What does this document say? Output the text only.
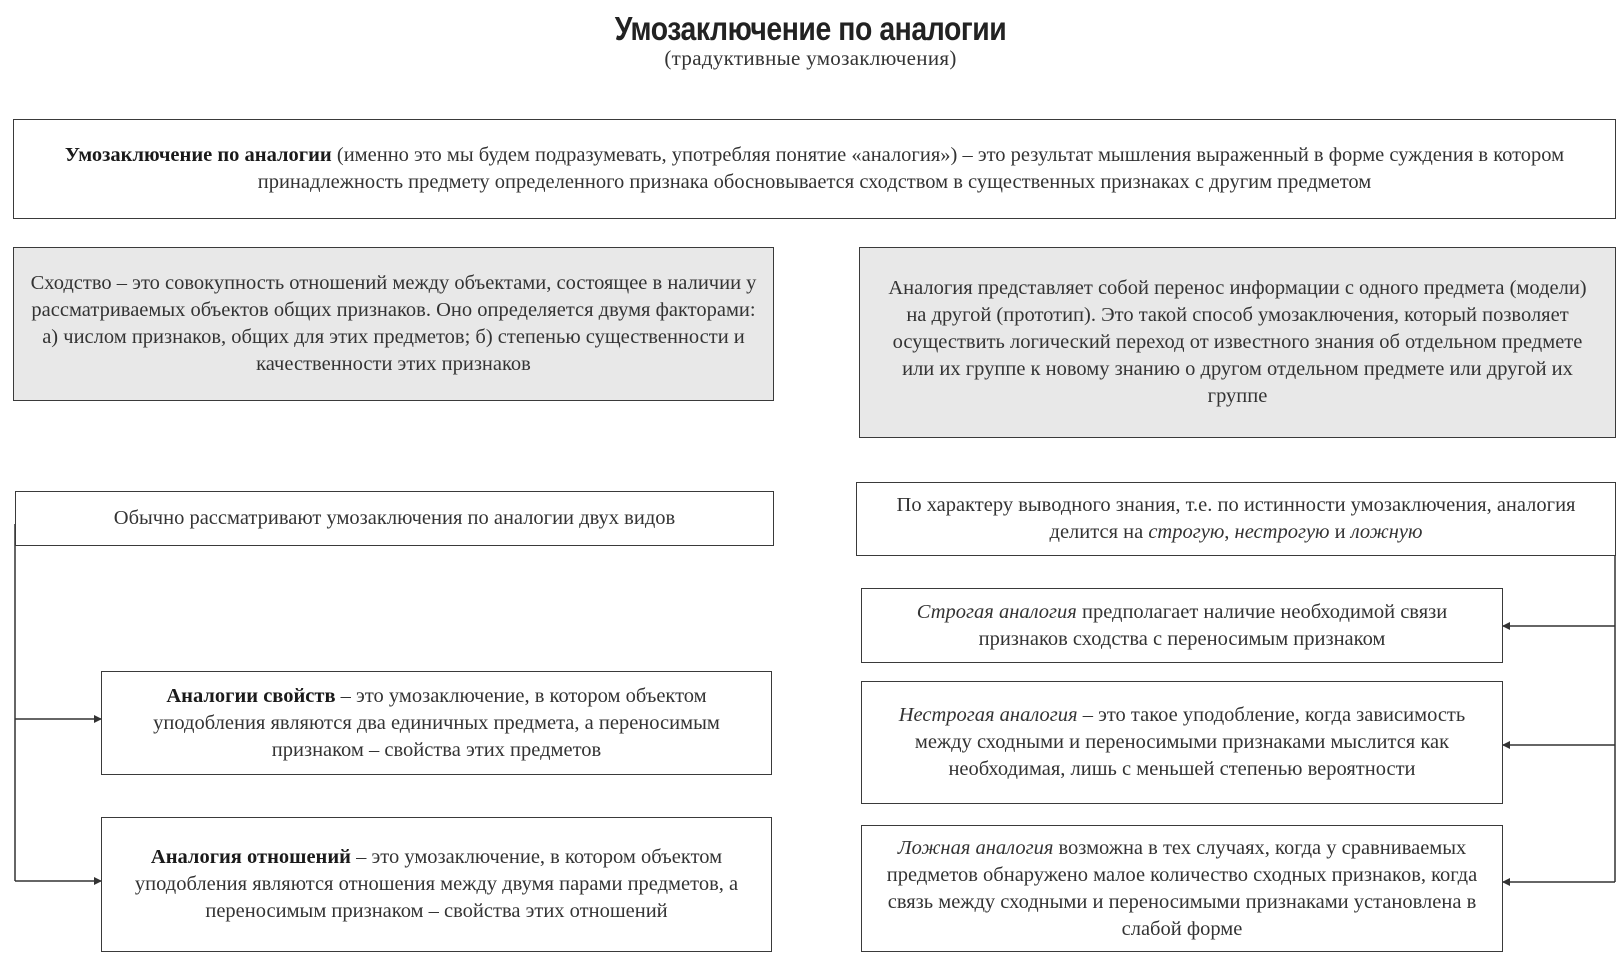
Умозаключение по аналогии
(традуктивные умозаключения)
Умозаключение по аналогии (именно это мы будем подразумевать, употребляя понятие «аналогия») – это результат мышления выраженный в форме суждения в котором принадлежность предмету определенного признака обосновывается сходством в существенных признаках с другим предметом
Сходство – это совокупность отношений между объектами, состоящее в наличии у рассматриваемых объектов общих признаков. Оно определяется двумя факторами: а) числом признаков, общих для этих предметов; б) степенью существенности и качественности этих признаков
Аналогия представляет собой перенос информации с одного предмета (модели) на другой (прототип). Это такой способ умозаключения, который позволяет осуществить логический переход от известного знания об отдельном предмете или их группе к новому знанию о другом отдельном предмете или другой их группе
Обычно рассматривают умозаключения по аналогии двух видов
Аналогии свойств – это умозаключение, в котором объектом уподобления являются два единичных предмета, а переносимым признаком – свойства этих предметов
Аналогия отношений – это умозаключение, в котором объектом уподобления являются отношения между двумя парами предметов, а переносимым признаком – свойства этих отношений
По характеру выводного знания, т.е. по истинности умозаключения, аналогия делится на строгую, нестрогую и ложную
Строгая аналогия предполагает наличие необходимой связи признаков сходства с переносимым признаком
Нестрогая аналогия – это такое уподобление, когда зависимость между сходными и переносимыми признаками мыслится как необходимая, лишь с меньшей степенью вероятности
Ложная аналогия возможна в тех случаях, когда у сравниваемых предметов обнаружено малое количество сходных признаков, когда связь между сходными и переносимыми признаками установлена в слабой форме
